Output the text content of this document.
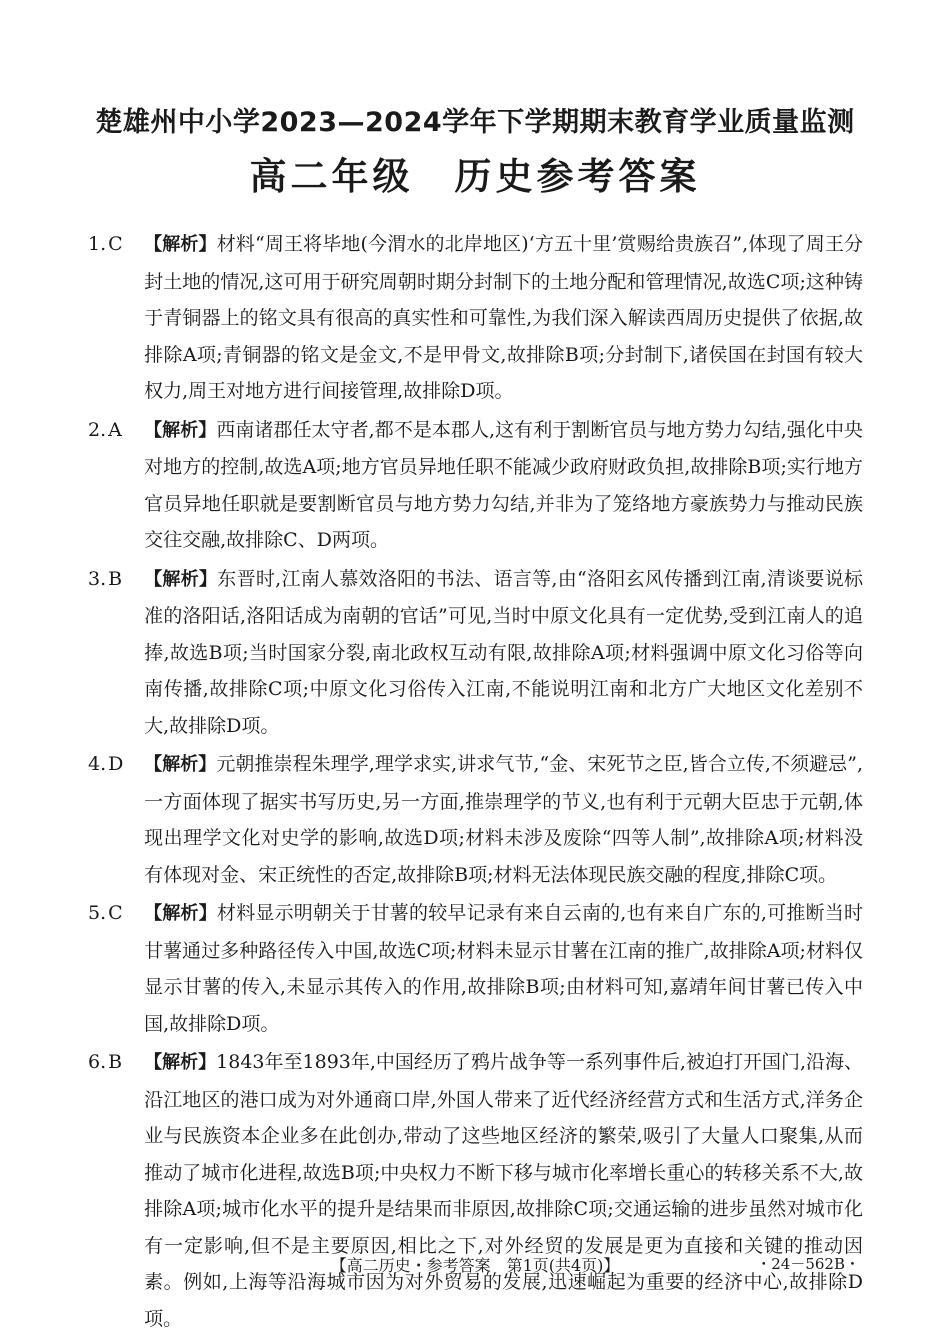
楚雄州中小学2023—2024学年下学期期末教育学业质量监测
高二年级　历史参考答案
1. C	【解析】材料“周王将毕地(今渭水的北岸地区)‘方五十里’赏赐给贵族召”,体现了周王分封土地的情况,这可用于研究周朝时期分封制下的土地分配和管理情况,故选C项;这种铸于青铜器上的铭文具有很高的真实性和可靠性,为我们深入解读西周历史提供了依据,故排除A项;青铜器的铭文是金文,不是甲骨文,故排除B项;分封制下,诸侯国在封国有较大权力,周王对地方进行间接管理,故排除D项。
2. A	【解析】西南诸郡任太守者,都不是本郡人,这有利于割断官员与地方势力勾结,强化中央对地方的控制,故选A项;地方官员异地任职不能减少政府财政负担,故排除B项;实行地方官员异地任职就是要割断官员与地方势力勾结,并非为了笼络地方豪族势力与推动民族交往交融,故排除C、D两项。
3. B	【解析】东晋时,江南人慕效洛阳的书法、语言等,由“洛阳玄风传播到江南,清谈要说标准的洛阳话,洛阳话成为南朝的官话”可见,当时中原文化具有一定优势,受到江南人的追捧,故选B项;当时国家分裂,南北政权互动有限,故排除A项;材料强调中原文化习俗等向南传播,故排除C项;中原文化习俗传入江南,不能说明江南和北方广大地区文化差别不大,故排除D项。
4. D	【解析】元朝推崇程朱理学,理学求实,讲求气节,“金、宋死节之臣,皆合立传,不须避忌”,一方面体现了据实书写历史,另一方面,推崇理学的节义,也有利于元朝大臣忠于元朝,体现出理学文化对史学的影响,故选D项;材料未涉及废除“四等人制”,故排除A项;材料没有体现对金、宋正统性的否定,故排除B项;材料无法体现民族交融的程度,排除C项。
5. C	【解析】材料显示明朝关于甘薯的较早记录有来自云南的,也有来自广东的,可推断当时甘薯通过多种路径传入中国,故选C项;材料未显示甘薯在江南的推广,故排除A项;材料仅显示甘薯的传入,未显示其传入的作用,故排除B项;由材料可知,嘉靖年间甘薯已传入中国,故排除D项。
6. B	【解析】1843年至1893年,中国经历了鸦片战争等一系列事件后,被迫打开国门,沿海、沿江地区的港口成为对外通商口岸,外国人带来了近代经济经营方式和生活方式,洋务企业与民族资本企业多在此创办,带动了这些地区经济的繁荣,吸引了大量人口聚集,从而推动了城市化进程,故选B项;中央权力不断下移与城市化率增长重心的转移关系不大,故排除A项;城市化水平的提升是结果而非原因,故排除C项;交通运输的进步虽然对城市化有一定影响,但不是主要原因,相比之下,对外经贸的发展是更为直接和关键的推动因素。例如,上海等沿海城市因为对外贸易的发展,迅速崛起为重要的经济中心,故排除D项。
【高二历史・参考答案　第1页(共4页)】	・24－562B・
